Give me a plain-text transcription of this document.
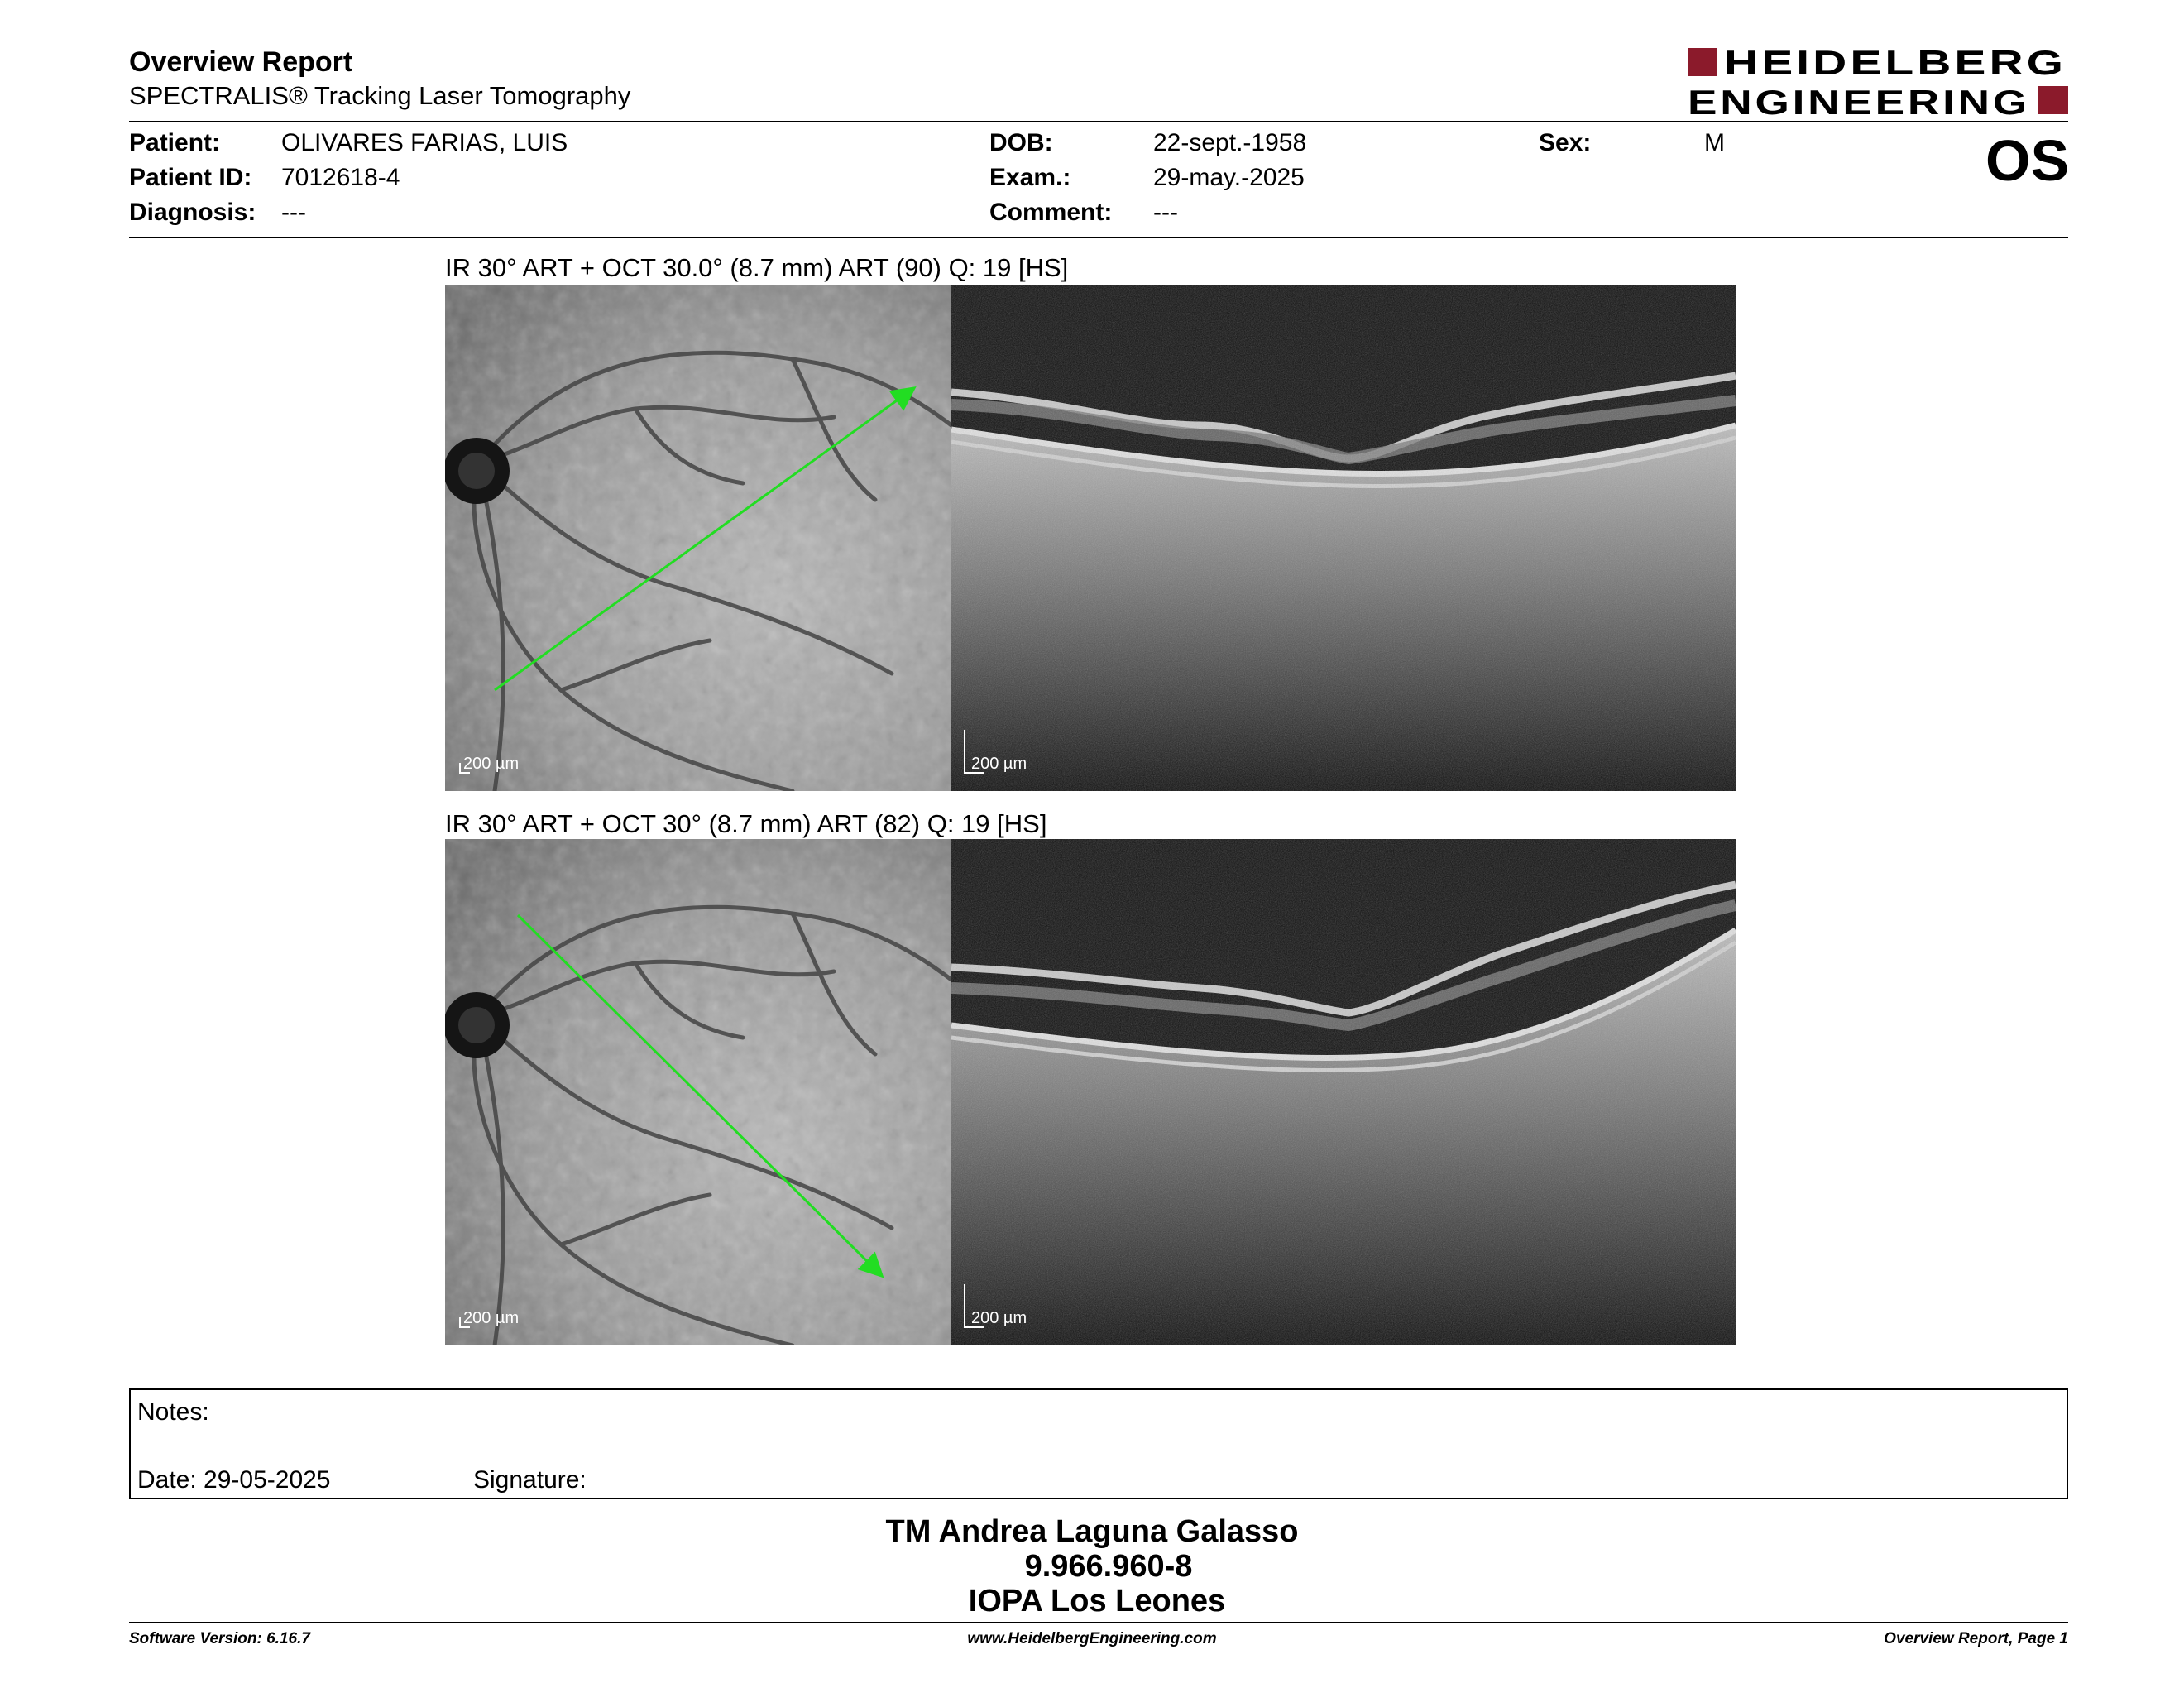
Overview Report
SPECTRALIS® Tracking Laser Tomography
HEIDELBERG
ENGINEERING
Patient: OLIVARES FARIAS, LUIS
Patient ID: 7012618-4
Diagnosis: ---
DOB:	22-sept.-1958
Exam.:	29-may.-2025
Comment: ---
Sex:	M	OS
IR 30° ART + OCT 30.0° (8.7 mm) ART (90) Q: 19 [HS]
200 µm	200 µm
IR 30° ART + OCT 30° (8.7 mm) ART (82) Q: 19 [HS]
200 µm	200 µm
Notes:
Date: 29-05-2025	Signature:
TM Andrea Laguna Galasso
9.966.960-8
IOPA Los Leones
Software Version: 6.16.7	www.HeidelbergEngineering.com	Overview Report, Page 1
